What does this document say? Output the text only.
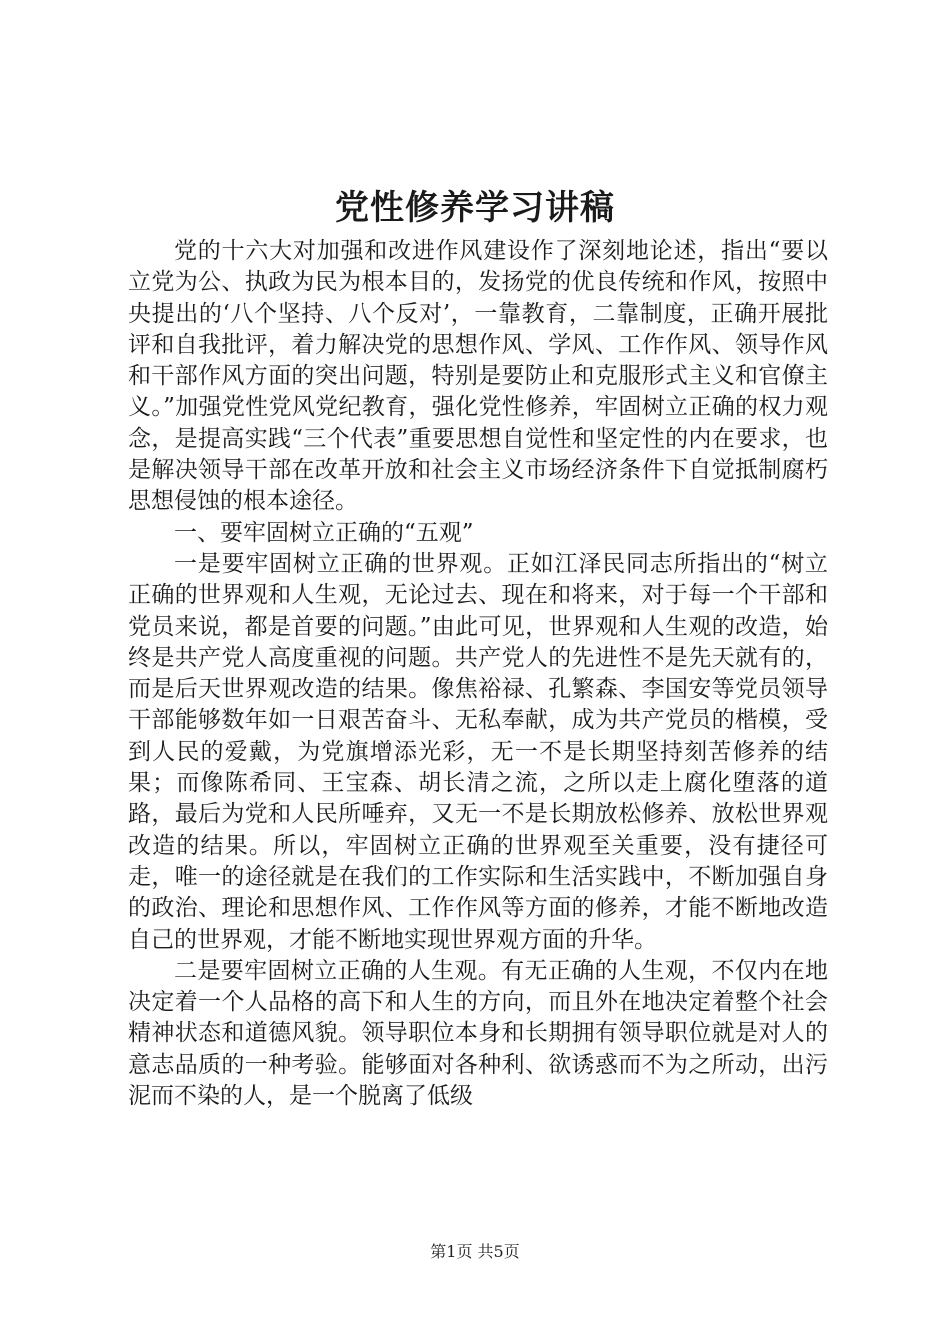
党性修养学习讲稿

党的十六大对加强和改进作风建设作了深刻地论述，指出“要以立党为公、执政为民为根本目的，发扬党的优良传统和作风，按照中央提出的‘八个坚持、八个反对’，一靠教育，二靠制度，正确开展批评和自我批评，着力解决党的思想作风、学风、工作作风、领导作风和干部作风方面的突出问题，特别是要防止和克服形式主义和官僚主义。”加强党性党风党纪教育，强化党性修养，牢固树立正确的权力观念，是提高实践“三个代表”重要思想自觉性和坚定性的内在要求，也是解决领导干部在改革开放和社会主义市场经济条件下自觉抵制腐朽思想侵蚀的根本途径。

一、要牢固树立正确的“五观”

一是要牢固树立正确的世界观。正如江泽民同志所指出的“树立正确的世界观和人生观，无论过去、现在和将来，对于每一个干部和党员来说，都是首要的问题。”由此可见，世界观和人生观的改造，始终是共产党人高度重视的问题。共产党人的先进性不是先天就有的，而是后天世界观改造的结果。像焦裕禄、孔繁森、李国安等党员领导干部能够数年如一日艰苦奋斗、无私奉献，成为共产党员的楷模，受到人民的爱戴，为党旗增添光彩，无一不是长期坚持刻苦修养的结果；而像陈希同、王宝森、胡长清之流，之所以走上腐化堕落的道路，最后为党和人民所唾弃，又无一不是长期放松修养、放松世界观改造的结果。所以，牢固树立正确的世界观至关重要，没有捷径可走，唯一的途径就是在我们的工作实际和生活实践中，不断加强自身的政治、理论和思想作风、工作作风等方面的修养，才能不断地改造自己的世界观，才能不断地实现世界观方面的升华。

二是要牢固树立正确的人生观。有无正确的人生观，不仅内在地决定着一个人品格的高下和人生的方向，而且外在地决定着整个社会精神状态和道德风貌。领导职位本身和长期拥有领导职位就是对人的意志品质的一种考验。能够面对各种利、欲诱惑而不为之所动，出污泥而不染的人，是一个脱离了低级

第1页 共5页
